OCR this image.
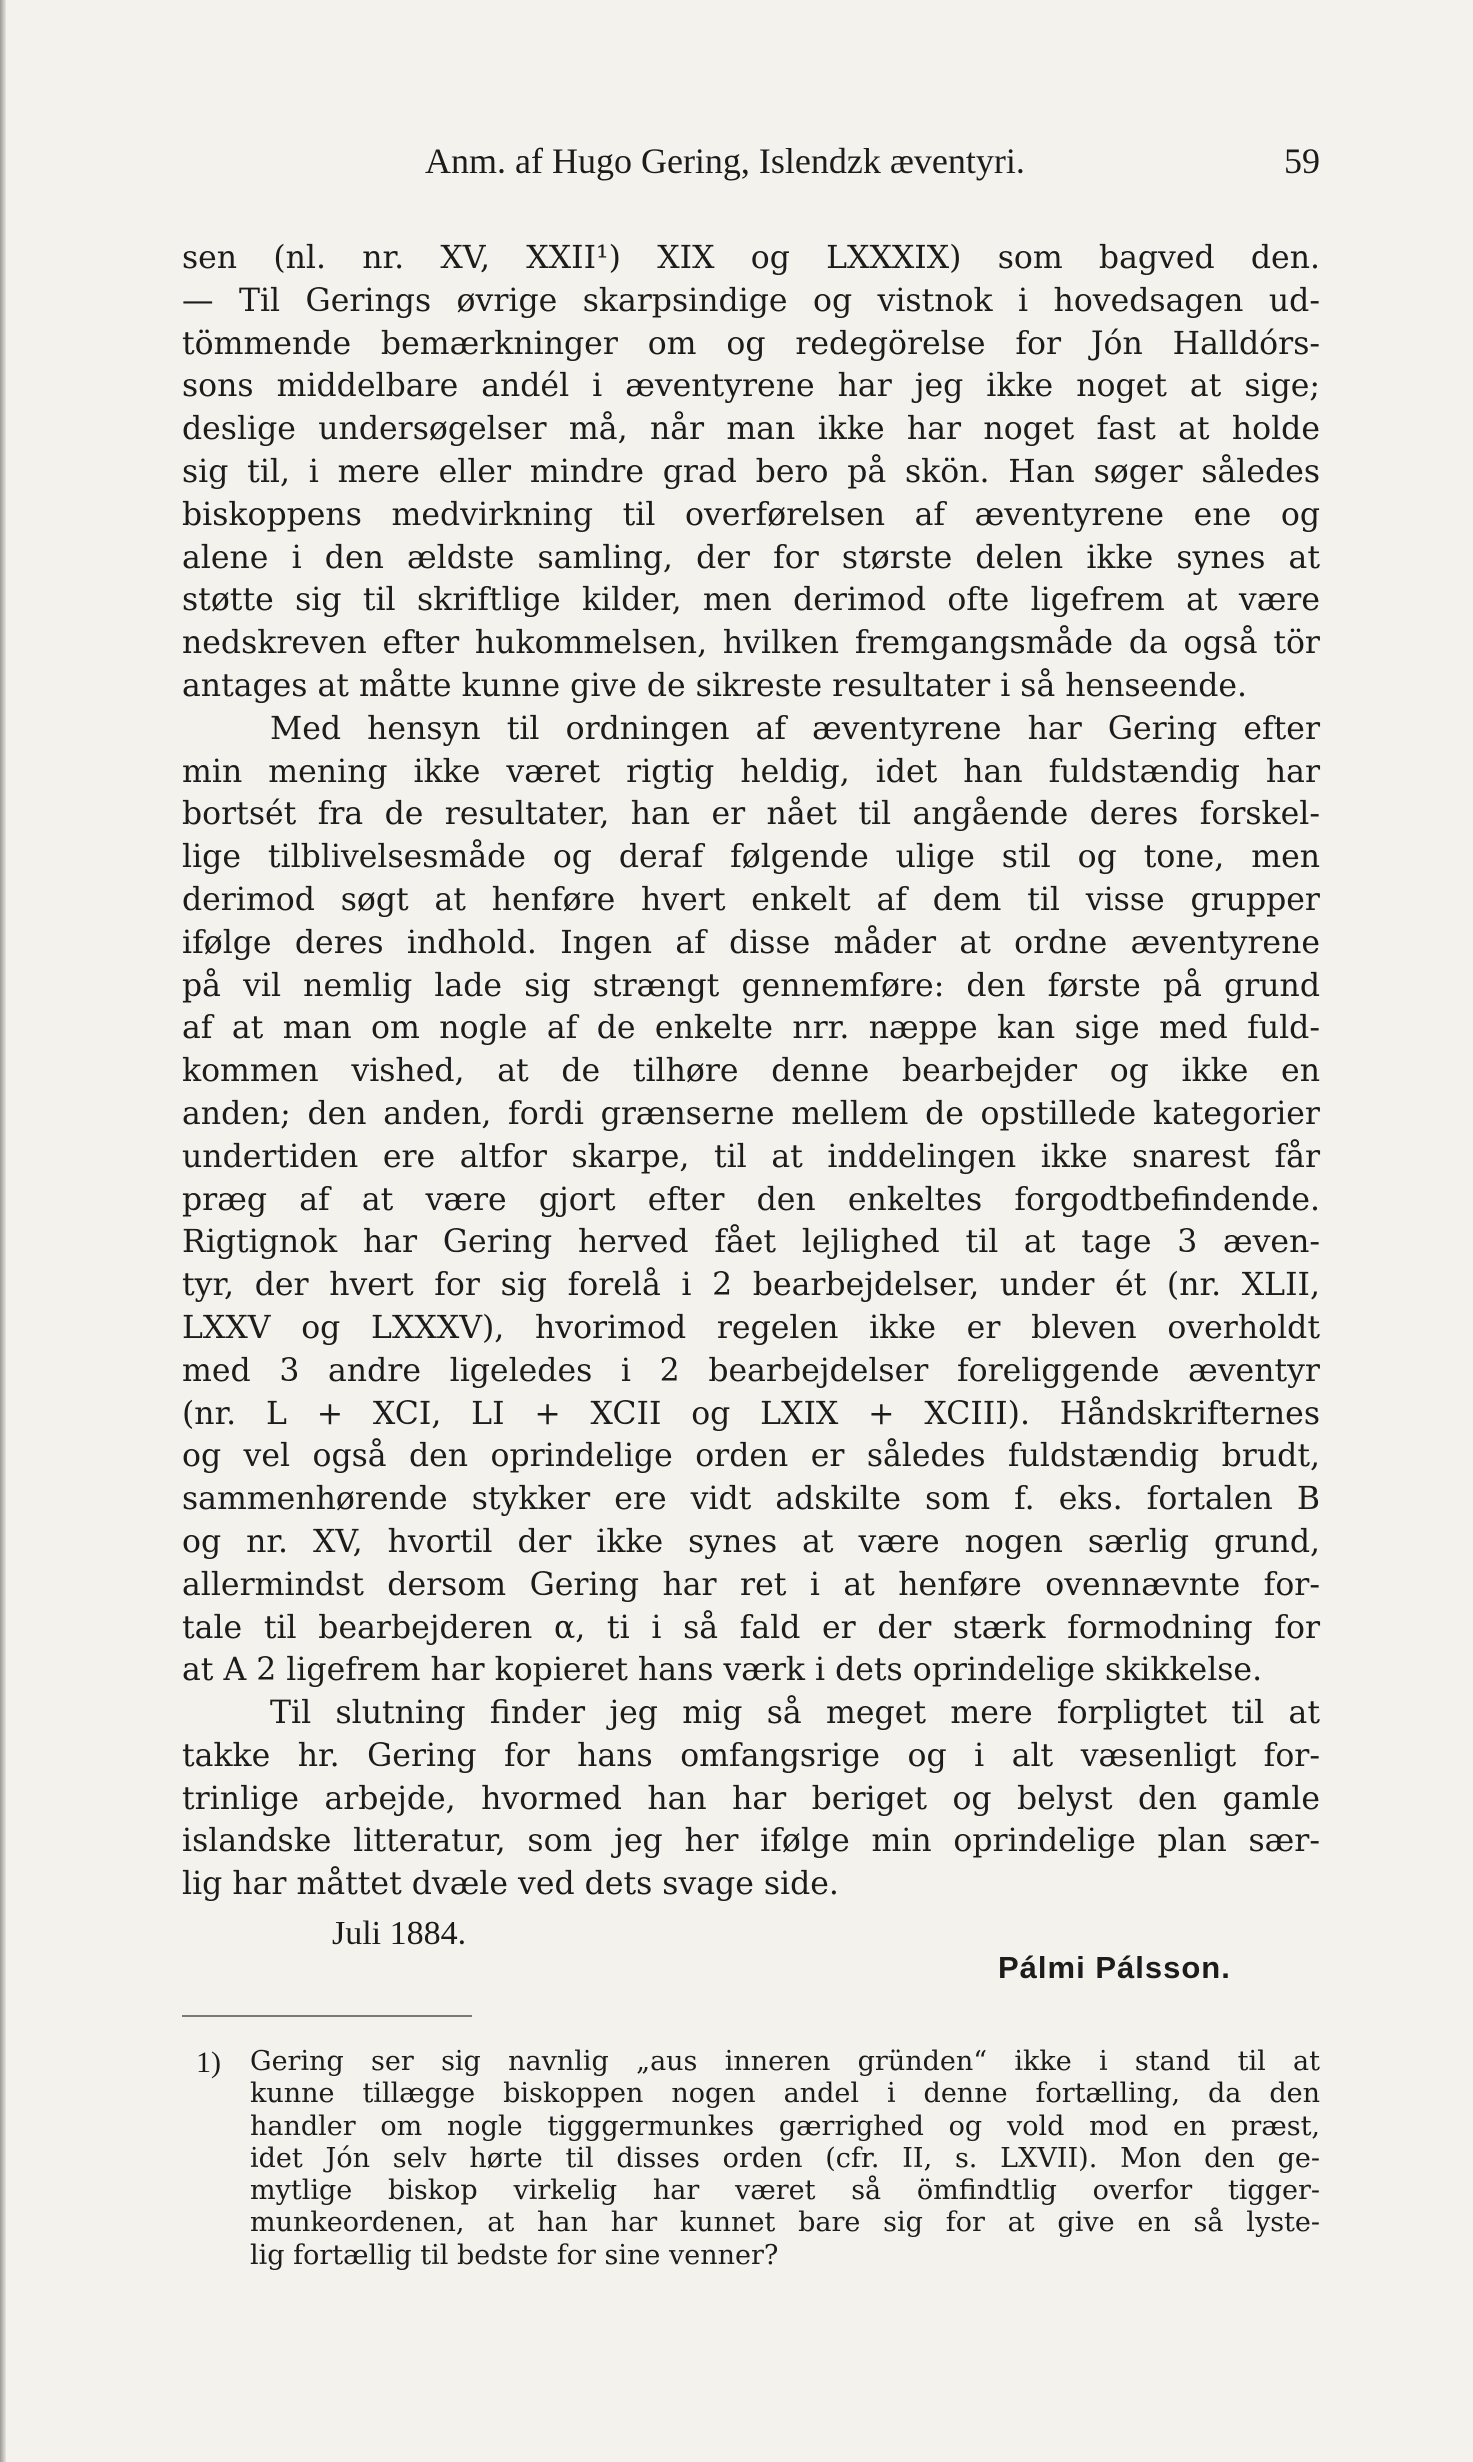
Anm. af Hugo Gering, Islendzk æventyri.	59
sen (nl. nr. XV, XXII¹) XIX og LXXXIX) som bagved den.
— Til Gerings øvrige skarpsindige og vistnok i hovedsagen ud-
tömmende bemærkninger om og redegörelse for Jón Halldórs-
sons middelbare andél i æventyrene har jeg ikke noget at sige;
deslige undersøgelser må, når man ikke har noget fast at holde
sig til, i mere eller mindre grad bero på skön. Han søger således
biskoppens medvirkning til overførelsen af æventyrene ene og
alene i den ældste samling, der for største delen ikke synes at
støtte sig til skriftlige kilder, men derimod ofte ligefrem at være
nedskreven efter hukommelsen, hvilken fremgangsmåde da også tör
antages at måtte kunne give de sikreste resultater i så henseende.
Med hensyn til ordningen af æventyrene har Gering efter
min mening ikke været rigtig heldig, idet han fuldstændig har
bortsét fra de resultater, han er nået til angående deres forskel-
lige tilblivelsesmåde og deraf følgende ulige stil og tone, men
derimod søgt at henføre hvert enkelt af dem til visse grupper
ifølge deres indhold. Ingen af disse måder at ordne æventyrene
på vil nemlig lade sig strængt gennemføre: den første på grund
af at man om nogle af de enkelte nrr. næppe kan sige med fuld-
kommen vished, at de tilhøre denne bearbejder og ikke en
anden; den anden, fordi grænserne mellem de opstillede kategorier
undertiden ere altfor skarpe, til at inddelingen ikke snarest får
præg af at være gjort efter den enkeltes forgodtbefindende.
Rigtignok har Gering herved fået lejlighed til at tage 3 æven-
tyr, der hvert for sig forelå i 2 bearbejdelser, under ét (nr. XLII,
LXXV og LXXXV), hvorimod regelen ikke er bleven overholdt
med 3 andre ligeledes i 2 bearbejdelser foreliggende æventyr
(nr. L + XCI, LI + XCII og LXIX + XCIII). Håndskrifternes
og vel også den oprindelige orden er således fuldstændig brudt,
sammenhørende stykker ere vidt adskilte som f. eks. fortalen B
og nr. XV, hvortil der ikke synes at være nogen særlig grund,
allermindst dersom Gering har ret i at henføre ovennævnte for-
tale til bearbejderen α, ti i så fald er der stærk formodning for
at A 2 ligefrem har kopieret hans værk i dets oprindelige skikkelse.
Til slutning finder jeg mig så meget mere forpligtet til at
takke hr. Gering for hans omfangsrige og i alt væsenligt for-
trinlige arbejde, hvormed han har beriget og belyst den gamle
islandske litteratur, som jeg her ifølge min oprindelige plan sær-
lig har måttet dvæle ved dets svage side.
Juli 1884.
Pálmi Pálsson.
1) Gering ser sig navnlig „aus inneren gründen“ ikke i stand til at
kunne tillægge biskoppen nogen andel i denne fortælling, da den
handler om nogle tigggermunkes gærrighed og vold mod en præst,
idet Jón selv hørte til disses orden (cfr. II, s. LXVII). Mon den ge-
mytlige biskop virkelig har været så ömfindtlig overfor tigger-
munkeordenen, at han har kunnet bare sig for at give en så lyste-
lig fortællig til bedste for sine venner?
